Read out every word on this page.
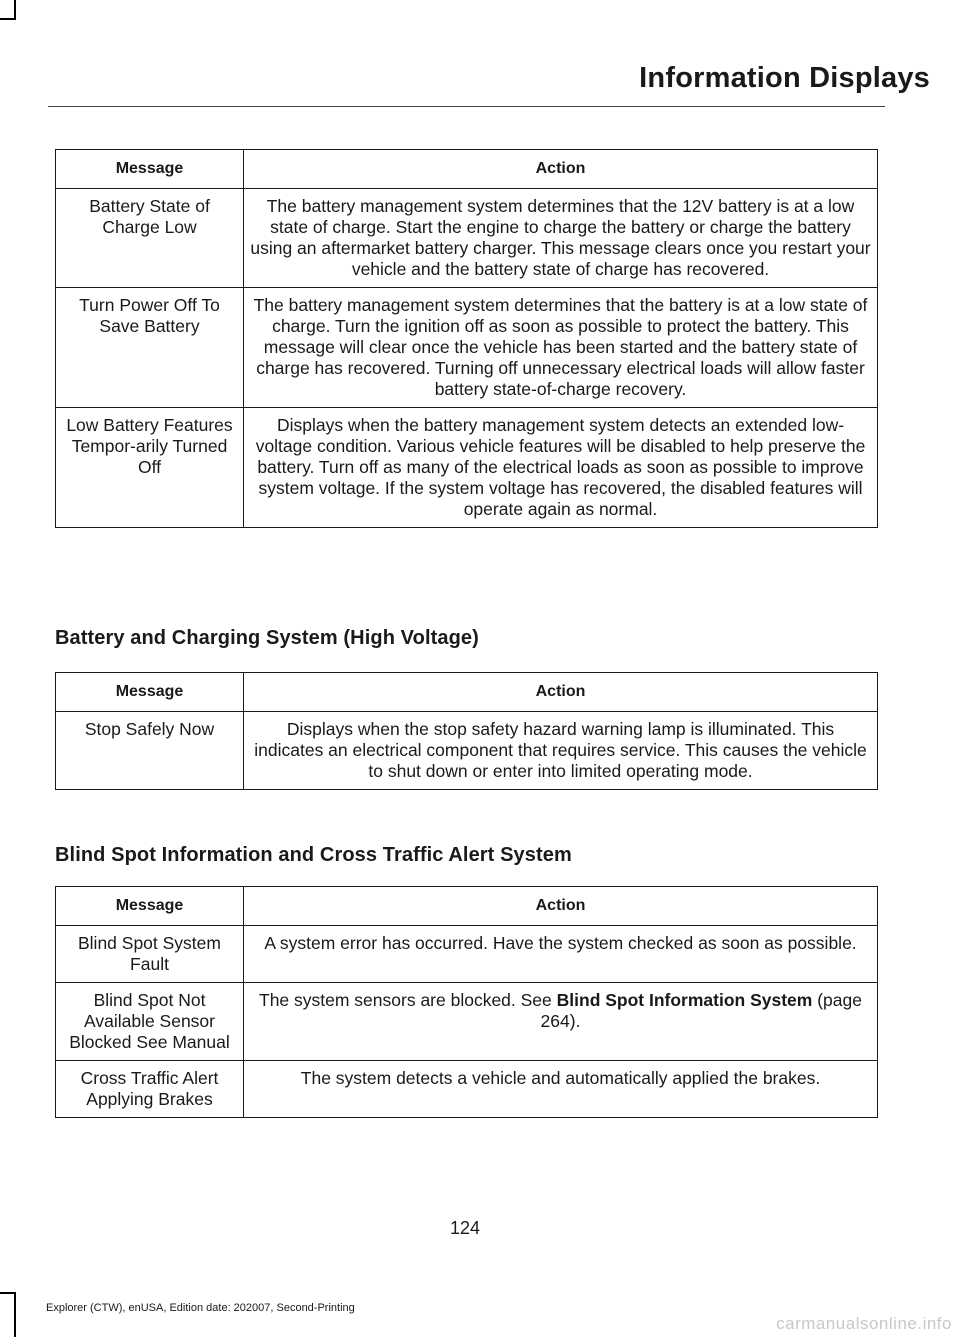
Information Displays
Message	Action
Battery State of Charge Low	The battery management system determines that the 12V battery is at a low state of charge. Start the engine to charge the battery or charge the battery using an aftermarket battery charger. This message clears once you restart your vehicle and the battery state of charge has recovered.
Turn Power Off To Save Battery	The battery management system determines that the battery is at a low state of charge. Turn the ignition off as soon as possible to protect the battery. This message will clear once the vehicle has been started and the battery state of charge has recovered. Turning off unnecessary electrical loads will allow faster battery state-of-charge recovery.
Low Battery Features Tempor-arily Turned Off	Displays when the battery management system detects an extended low-voltage condition. Various vehicle features will be disabled to help preserve the battery. Turn off as many of the electrical loads as soon as possible to improve system voltage. If the system voltage has recovered, the disabled features will operate again as normal.
Battery and Charging System (High Voltage)
Message	Action
Stop Safely Now	Displays when the stop safety hazard warning lamp is illuminated. This indicates an electrical component that requires service. This causes the vehicle to shut down or enter into limited operating mode.
Blind Spot Information and Cross Traffic Alert System
Message	Action
Blind Spot System Fault	A system error has occurred. Have the system checked as soon as possible.
Blind Spot Not Available Sensor Blocked See Manual	The system sensors are blocked. See Blind Spot Information System (page 264).
Cross Traffic Alert Applying Brakes	The system detects a vehicle and automatically applied the brakes.
124
Explorer (CTW), enUSA, Edition date: 202007, Second-Printing
carmanualsonline.info
